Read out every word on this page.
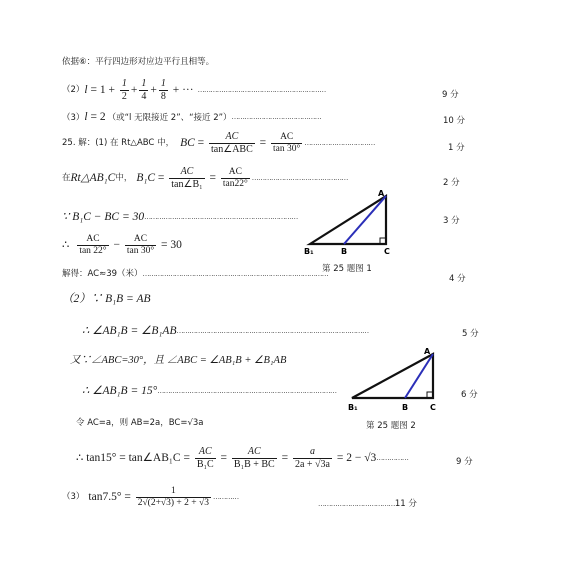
依据⑥：平行四边形对应边平行且相等。
（2） $l = 1 + \frac{1}{2} + \frac{1}{4} + \frac{1}{8}$ + ··· ……………………………………………………	9 分
（3） l = 2 （或“l 无限接近 2”、“接近 2”） ……………………………………	10 分
25. 解：(1) 在 Rt△ABC 中， BC = $\frac{AC}{\text{tan∠ABC}} = \frac{AC}{\tan 30^\circ}$ ……………………………	1 分
在 Rt△AB₁C 中， $B_1C = \frac{AC}{\text{tan∠B₁}} = \frac{AC}{\tan 22^\circ}$ ………………………………………	2 分
∵ B₁C − BC = 30 ………………………………………………………………	3 分
∴ $\frac{AC}{\tan 22^\circ} - \frac{AC}{\tan 30^\circ} = 30$
解得：AC≈39（米） ……………………………………………………………………………
4 分
（2）∵ B₁B = AB
∴ ∠AB₁B = ∠B₁AB ………………………………………………………………………………	5 分
又∵∠ABC=30°，且 ∠ABC = ∠AB₁B + ∠B₁AB
∴ ∠AB₁B = 15° …………………………………………………………………………	6 分
令 AC=a，则 AB=2a，BC=√3a
∴ tan15° = tan∠AB₁C = $\frac{AC}{\text{B₁C}} = \frac{AC}{\text{B₁B + BC}} = \frac{a}{2a + √3a} = 2 - √3$ ……………	9 分
（3） $\tan 7.5^\circ = \frac{1}{2√(2+√3) + 2 + √3}$ …………
……………………………… 11 分
A
B₁	B	C
第 25 题图 1
A
B₁	B	C
第 25 题图 2
